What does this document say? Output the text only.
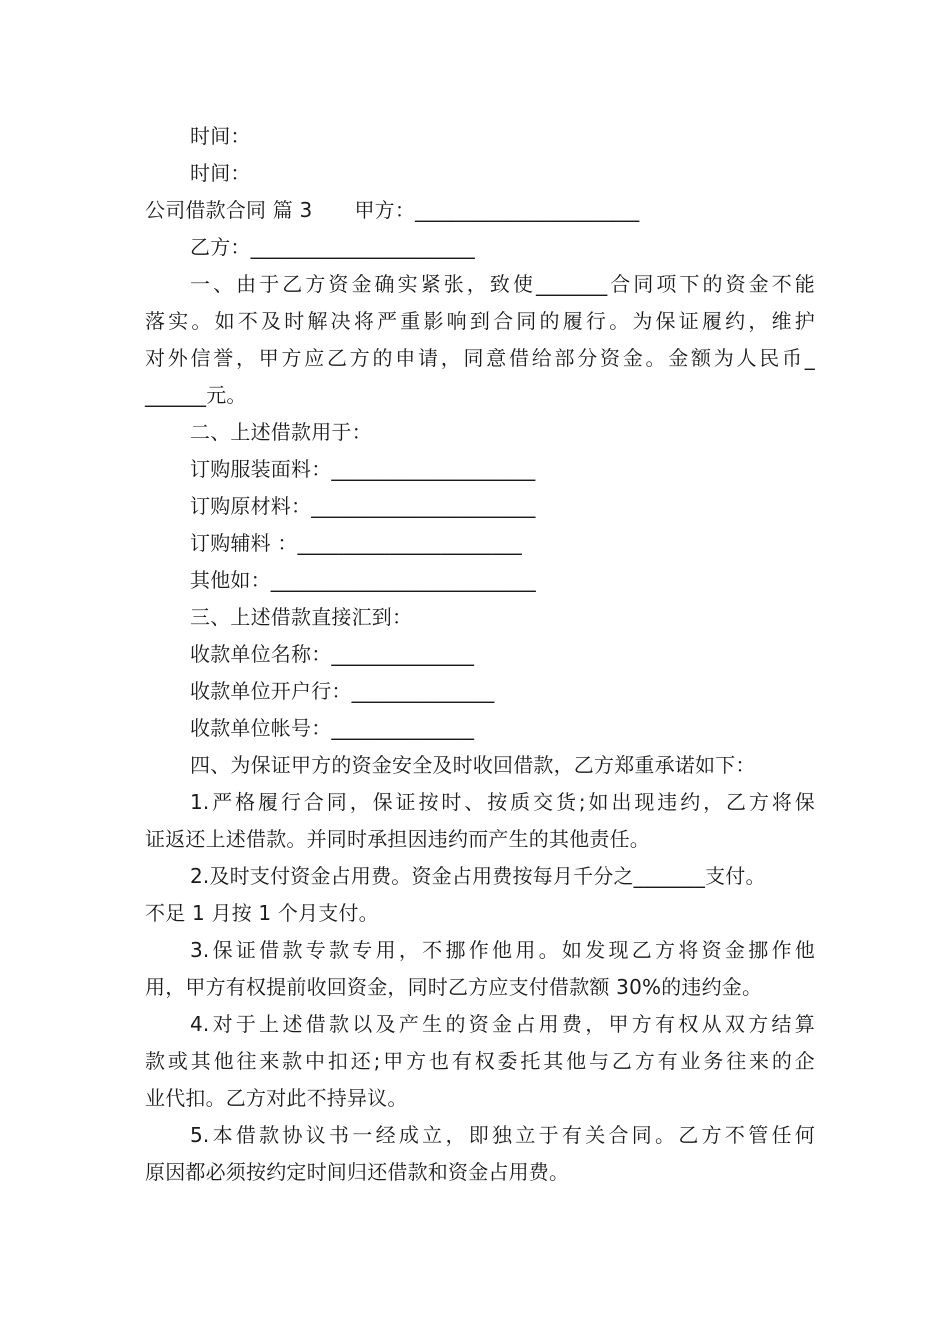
时间：
时间：
公司借款合同 篇 3 甲方：______________________
乙方：______________________
一、由于乙方资金确实紧张，致使_______合同项下的资金不能
落实。如不及时解决将严重影响到合同的履行。为保证履约，维护
对外信誉，甲方应乙方的申请，同意借给部分资金。金额为人民币_
______元。
二、上述借款用于：
订购服装面料：____________________
订购原材料：______________________
订购辅料 ：______________________
其他如：__________________________
三、上述借款直接汇到：
收款单位名称：______________
收款单位开户行：______________
收款单位帐号：______________
四、为保证甲方的资金安全及时收回借款，乙方郑重承诺如下：
1.严格履行合同，保证按时、按质交货;如出现违约，乙方将保
证返还上述借款。并同时承担因违约而产生的其他责任。
2.及时支付资金占用费。资金占用费按每月千分之_______支付。
不足 1 月按 1 个月支付。
3.保证借款专款专用，不挪作他用。如发现乙方将资金挪作他
用，甲方有权提前收回资金，同时乙方应支付借款额 30%的违约金。
4.对于上述借款以及产生的资金占用费，甲方有权从双方结算
款或其他往来款中扣还;甲方也有权委托其他与乙方有业务往来的企
业代扣。乙方对此不持异议。
5.本借款协议书一经成立，即独立于有关合同。乙方不管任何
原因都必须按约定时间归还借款和资金占用费。
